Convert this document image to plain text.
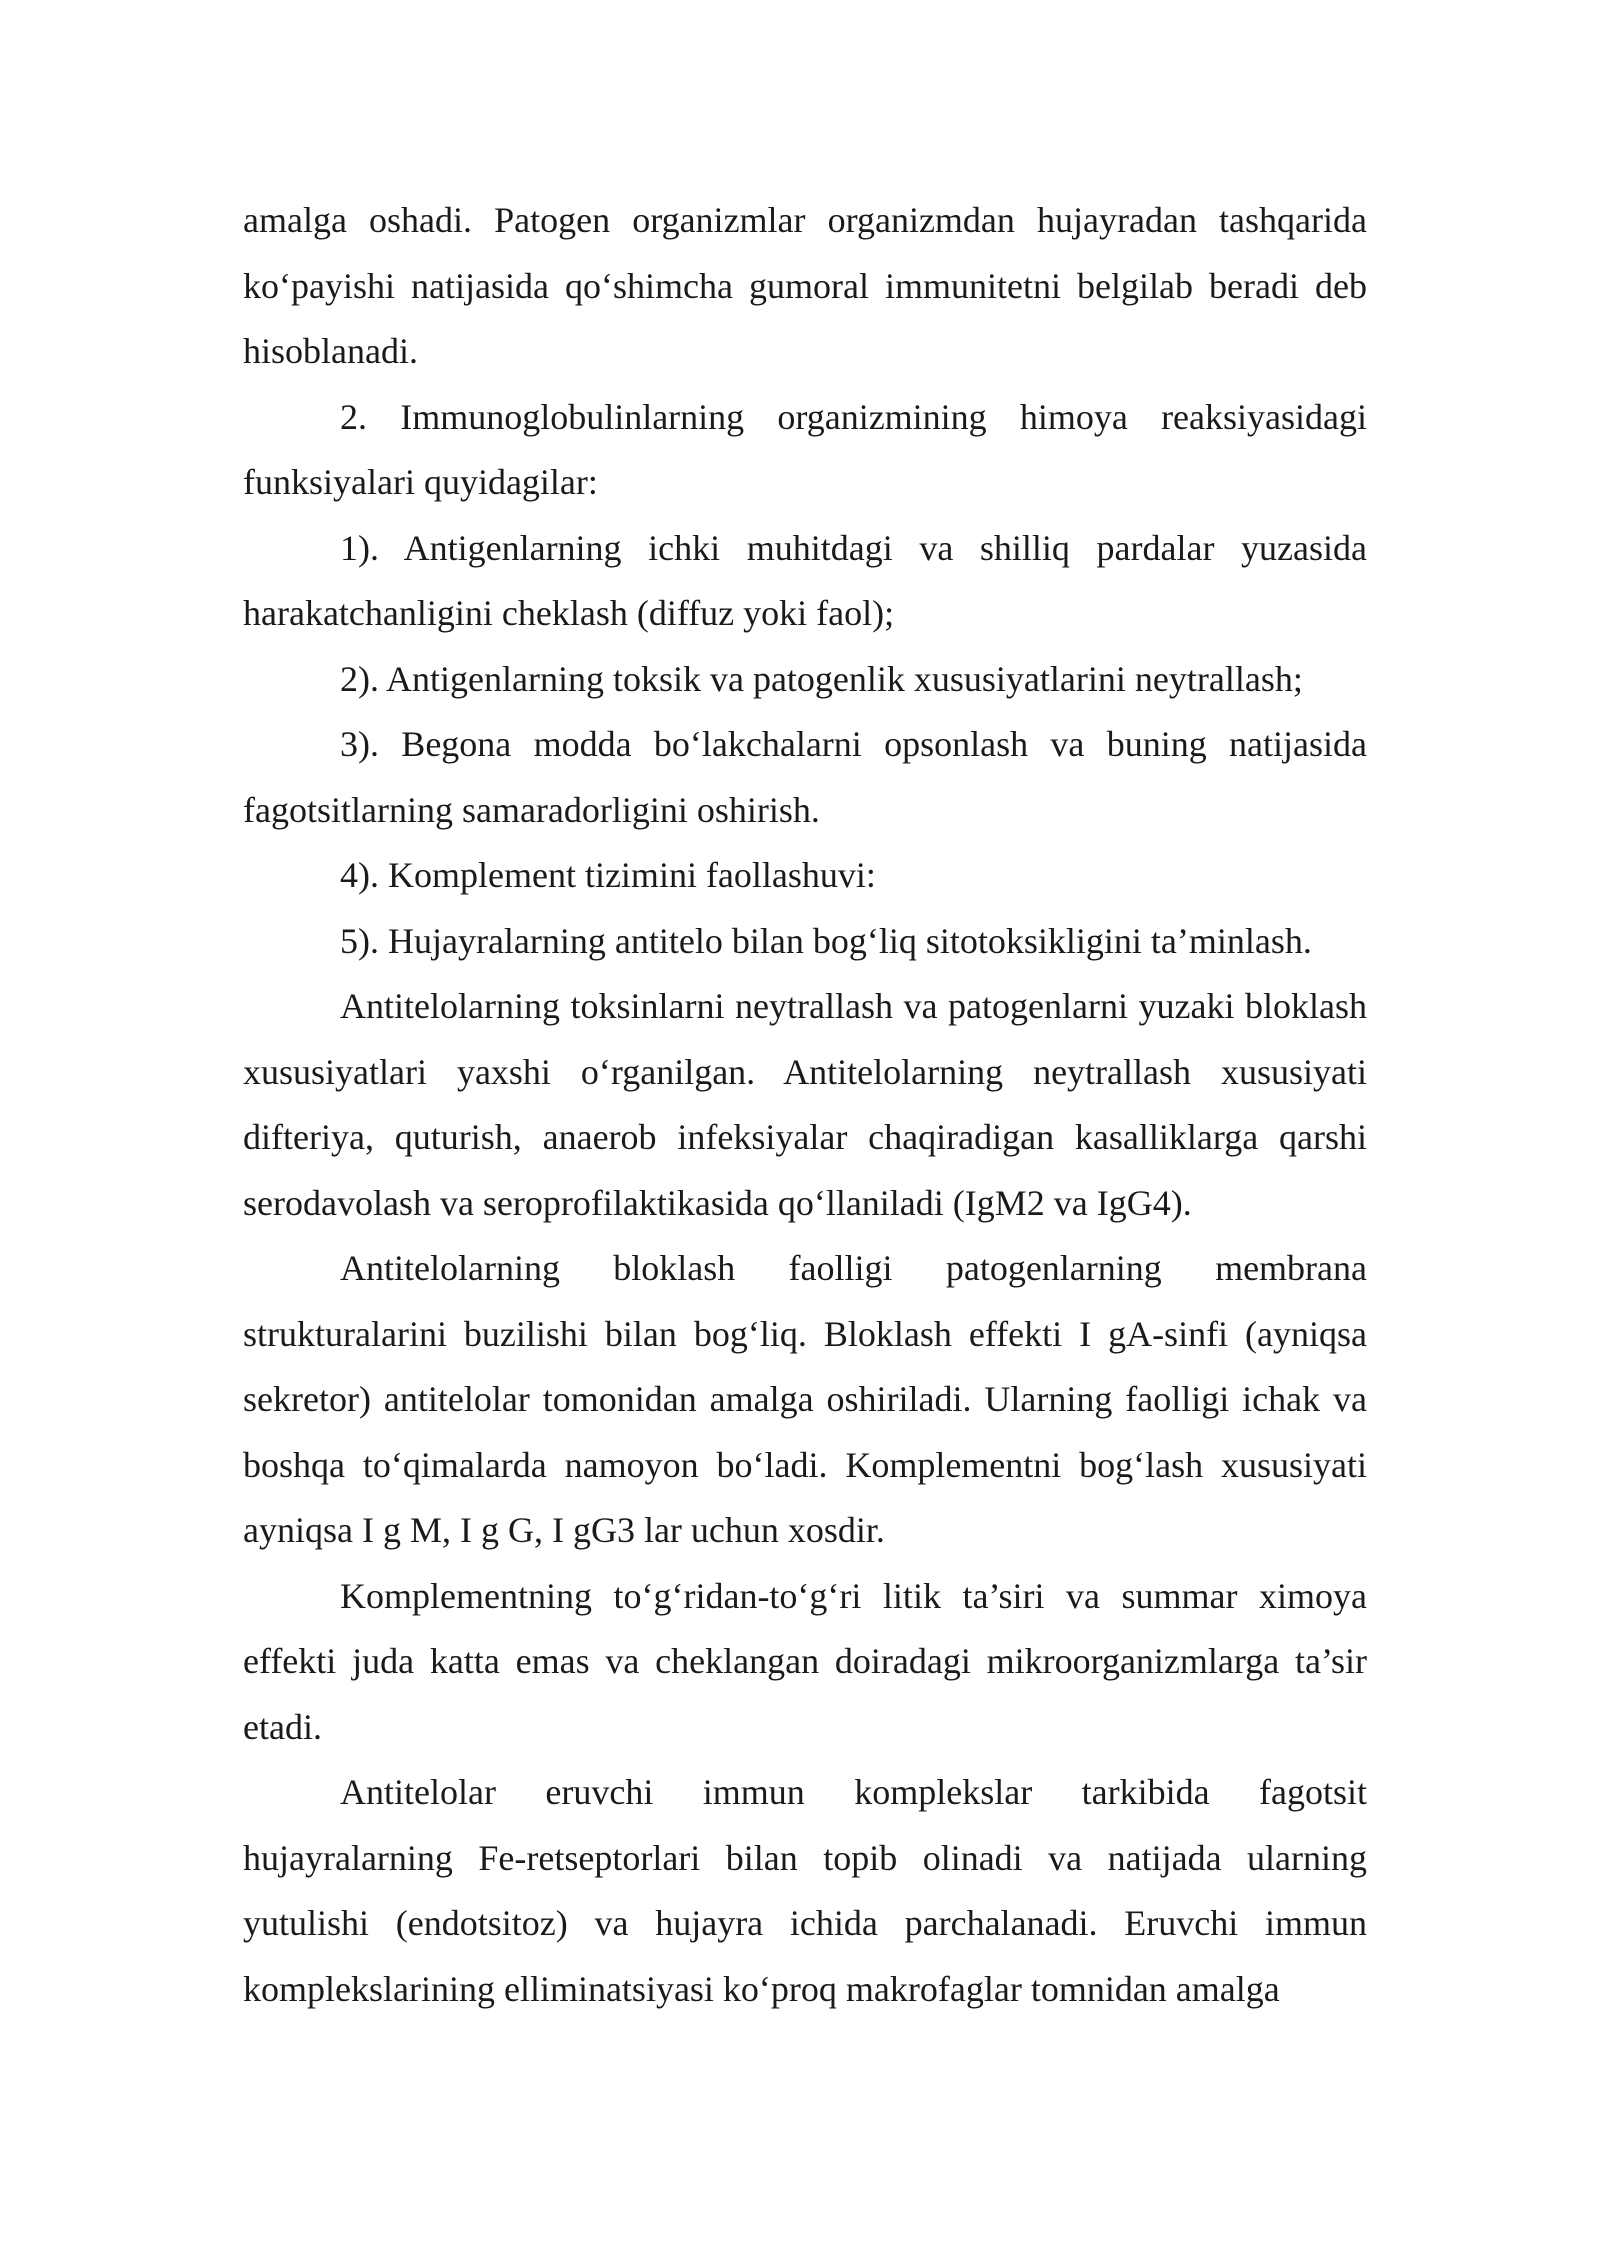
amalga oshadi. Patogen organizmlar organizmdan hujayradan tashqarida ko‘payishi natijasida qo‘shimcha gumoral immunitetni belgilab beradi deb hisoblanadi.

2. Immunoglobulinlarning organizmining himoya reaksiyasidagi funksiyalari quyidagilar:

1). Antigenlarning ichki muhitdagi va shilliq pardalar yuzasida harakatchanligini cheklash (diffuz yoki faol);

2). Antigenlarning toksik va patogenlik xususiyatlarini neytrallash;

3). Begona modda bo‘lakchalarni opsonlash va buning natijasida fagotsitlarning samaradorligini oshirish.

4). Komplement tizimini faollashuvi:

5). Hujayralarning antitelo bilan bog‘liq sitotoksikligini ta’minlash.

Antitelolarning toksinlarni neytrallash va patogenlarni yuzaki bloklash xususiyatlari yaxshi o‘rganilgan. Antitelolarning neytrallash xususiyati difteriya, quturish, anaerob infeksiyalar chaqiradigan kasalliklarga qarshi serodavolash va seroprofilaktikasida qo‘llaniladi (IgM2 va IgG4).

Antitelolarning bloklash faolligi patogenlarning membrana strukturalarini buzilishi bilan bog‘liq. Bloklash effekti I gA-sinfi (ayniqsa sekretor) antitelolar tomonidan amalga oshiriladi. Ularning faolligi ichak va boshqa to‘qimalarda namoyon bo‘ladi. Komplementni bog‘lash xususiyati ayniqsa I g M, I g G, I gG3 lar uchun xosdir.

Komplementning to‘g‘ridan-to‘g‘ri litik ta’siri va summar ximoya effekti juda katta emas va cheklangan doiradagi mikroorganizmlarga ta’sir etadi.

Antitelolar eruvchi immun komplekslar tarkibida fagotsit hujayralarning Fe-retseptorlari bilan topib olinadi va natijada ularning yutulishi (endotsitoz) va hujayra ichida parchalanadi. Eruvchi immun komplekslarining elliminatsiyasi ko‘proq makrofaglar tomnidan amalga
